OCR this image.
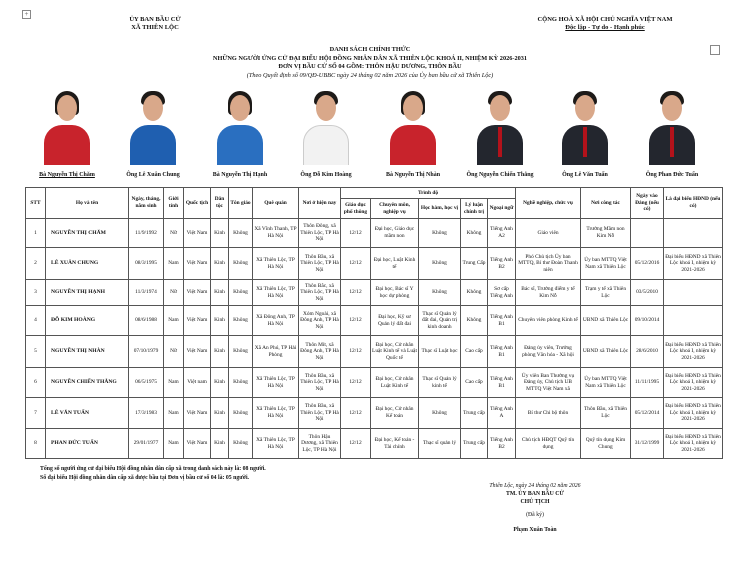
+
ỦY BAN BẦU CỬ
XÃ THIÊN LỘC
CỘNG HOÀ XÃ HỘI CHỦ NGHĨA VIỆT NAM
Độc lập - Tự do - Hạnh phúc
DANH SÁCH CHÍNH THỨC
NHỮNG NGƯỜI ỨNG CỬ ĐẠI BIỂU HỘI ĐỒNG NHÂN DÂN XÃ THIÊN LỘC KHOÁ II, NHIỆM KỲ 2026-2031
ĐƠN VỊ BẦU CỬ SỐ 04 GỒM: THÔN HẬU DƯƠNG, THÔN BẦU
(Theo Quyết định số 09/QĐ-UBBC ngày 24 tháng 02 năm 2026 của Ủy ban bầu cử xã Thiên Lộc)
Bà Nguyễn Thị Chăm	Ông Lê Xuân Chung	Bà Nguyễn Thị Hạnh	Ông Đỗ Kim Hoàng	Bà Nguyễn Thị Nhàn	Ông Nguyễn Chiến Thắng	Ông Lê Văn Tuấn	Ông Phan Đức Tuấn
STT	Họ và tên	Ngày, tháng, năm sinh	Giới tính	Quốc tịch	Dân tộc	Tôn giáo	Quê quán	Nơi ở hiện nay	Trình độ					Nghề nghiệp, chức vụ	Nơi công tác	Ngày vào Đảng (nếu có)	Là đại biểu HĐND (nếu có)
									Giáo dục phổ thông	Chuyên môn, nghiệp vụ	Học hàm, học vị	Lý luận chính trị	Ngoại ngữ				
1	NGUYỄN THỊ CHĂM	11/9/1992	Nữ	Việt Nam	Kinh	Không	Xã Vĩnh Thanh, TP Hà Nội	Thôn Đông, xã Thiên Lộc, TP Hà Nội	12/12	Đại học, Giáo dục mầm non	Không	Không	Tiếng Anh A2	Giáo viên	Trường Mầm non Kim Nỗ		
2	LÊ XUÂN CHUNG	08/3/1995	Nam	Việt Nam	Kinh	Không	Xã Thiên Lộc, TP Hà Nội	Thôn Bầu, xã Thiên Lộc, TP Hà Nội	12/12	Đại học, Luật Kinh tế	Không	Trung Cấp	Tiếng Anh B2	Phó Chủ tịch Ủy ban MTTQ, Bí thư Đoàn Thanh niên	Ủy ban MTTQ Việt Nam xã Thiên Lộc	05/12/2016	Đại biểu HĐND xã Thiên Lộc khoá I, nhiệm kỳ 2021-2026
3	NGUYỄN THỊ HẠNH	11/3/1974	Nữ	Việt Nam	Kinh	Không	Xã Thiên Lộc, TP Hà Nội	Thôn Bắc, xã Thiên Lộc, TP Hà Nội	12/12	Đại học, Bác sĩ Y học dự phòng	Không	Không	Sơ cấp Tiếng Anh	Bác sĩ, Trưởng điểm y tế Kim Nỗ	Trạm y tế xã Thiên Lộc	03/5/2010	
4	ĐỖ KIM HOÀNG	08/6/1988	Nam	Việt Nam	Kinh	Không	Xã Đông Anh, TP Hà Nội	Xóm Ngoài, xã Đông Anh, TP Hà Nội	12/12	Đại học, Kỹ sư Quản lý đất đai	Thạc sĩ Quản lý đất đai, Quản trị kinh doanh	Không	Tiếng Anh B1	Chuyên viên phòng Kinh tế	UBND xã Thiên Lộc	09/10/2014	
5	NGUYỄN THỊ NHÀN	07/10/1979	Nữ	Việt Nam	Kinh	Không	Xã An Phú, TP Hải Phòng	Thôn Mít, xã Đông Anh, TP Hà Nội	12/12	Đại học, Cử nhân Luật Kinh tế và Luật Quốc tế	Thạc sĩ Luật học	Cao cấp	Tiếng Anh B1	Đảng ủy viên, Trưởng phòng Văn hóa - Xã hội	UBND xã Thiên Lộc	28/6/2010	Đại biểu HĐND xã Thiên Lộc khoá I, nhiệm kỳ 2021-2026
6	NGUYỄN CHIẾN THẮNG	06/5/1975	Nam	Việt nam	Kinh	Không	Xã Thiên Lộc, TP Hà Nội	Thôn Bầu, xã Thiên Lộc, TP Hà Nội	12/12	Đại học, Cử nhân Luật Kinh tế	Thạc sĩ Quản lý kinh tế	Cao cấp	Tiếng Anh B1	Ủy viên Ban Thường vụ Đảng ủy, Chủ tịch UB MTTQ Việt Nam xã	Ủy ban MTTQ Việt Nam xã Thiên Lộc	11/11/1995	Đại biểu HĐND xã Thiên Lộc khoá I, nhiệm kỳ 2021-2026
7	LÊ VĂN TUẤN	17/3/1983	Nam	Việt Nam	Kinh	Không	Xã Thiên Lộc, TP Hà Nội	Thôn Bầu, xã Thiên Lộc, TP Hà Nội	12/12	Đại học, Cử nhân Kế toán	Không	Trung cấp	Tiếng Anh A	Bí thư Chi bộ thôn	Thôn Bầu, xã Thiên Lộc	05/12/2014	Đại biểu HĐND xã Thiên Lộc khoá I, nhiệm kỳ 2021-2026
8	PHAN ĐỨC TUẤN	29/01/1977	Nam	Việt Nam	Kinh	Không	Xã Thiên Lộc, TP Hà Nội	Thôn Hậu Dương, xã Thiên Lộc, TP Hà Nội	12/12	Đại học, Kế toán - Tài chính	Thạc sĩ quản lý	Trung cấp	Tiếng Anh B2	Chủ tịch HĐQT Quỹ tín dụng	Quỹ tín dụng Kim Chung	31/12/1999	Đại biểu HĐND xã Thiên Lộc khoá I, nhiệm kỳ 2021-2026
Tổng số người ứng cử đại biểu Hội đồng nhân dân cấp xã trong danh sách này là: 08 người.
Số đại biểu Hội đồng nhân dân cấp xã được bầu tại Đơn vị bầu cử số 04 là: 05 người.
Thiên Lộc, ngày 24 tháng 02 năm 2026
TM. ỦY BAN BẦU CỬ
CHỦ TỊCH
(Đã ký)
Phạm Xuân Toàn
